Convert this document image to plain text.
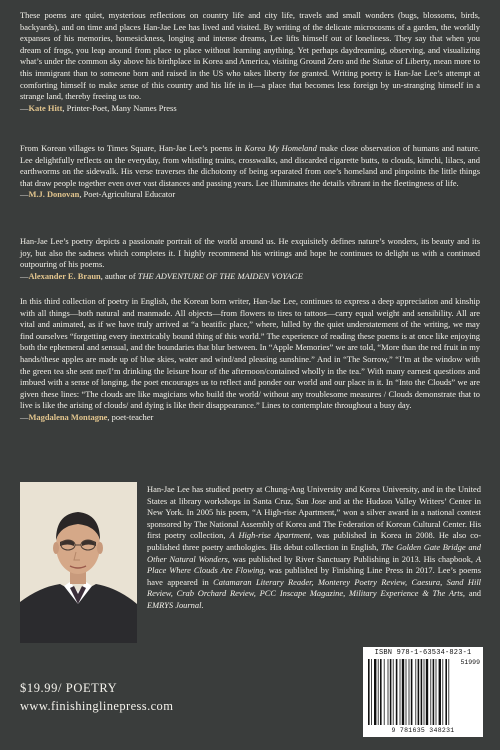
These poems are quiet, mysterious reflections on country life and city life, travels and small wonders (bugs, blossoms, birds, backyards), and on time and places Han-Jae Lee has lived and visited. By writing of the delicate microcosms of a garden, the worldly expanses of his memories, homesickness, longing and intense dreams, Lee lifts himself out of loneliness. They say that when you dream of frogs, you leap around from place to place without learning anything. Yet perhaps daydreaming, observing, and visualizing what’s under the common sky above his birthplace in Korea and America, visiting Ground Zero and the Statue of Liberty, mean more to this immigrant than to someone born and raised in the US who takes liberty for granted. Writing poetry is Han-Jae Lee’s attempt at comforting himself to make sense of this country and his life in it—a place that becomes less foreign by un-stranging himself in a strange land, thereby freeing us too.

—Kate Hitt, Printer-Poet, Many Names Press

From Korean villages to Times Square, Han-Jae Lee’s poems in Korea My Homeland make close observation of humans and nature. Lee delightfully reflects on the everyday, from whistling trains, crosswalks, and discarded cigarette butts, to clouds, kimchi, lilacs, and earthworms on the sidewalk. His verse traverses the dichotomy of being separated from one’s homeland and pinpoints the little things that draw people together even over vast distances and passing years. Lee illuminates the details vibrant in the fleetingness of life.

—M.J. Donovan, Poet-Agricultural Educator

Han-Jae Lee’s poetry depicts a passionate portrait of the world around us. He exquisitely defines nature’s wonders, its beauty and its joy, but also the sadness which completes it. I highly recommend his writings and hope he continues to delight us with a continued outpouring of his poems.

—Alexander E. Braun, author of THE ADVENTURE OF THE MAIDEN VOYAGE

In this third collection of poetry in English, the Korean born writer, Han-Jae Lee, continues to express a deep appreciation and kinship with all things—both natural and manmade. All objects—from flowers to tires to tattoos—carry equal weight and sensibility. All are vital and animated, as if we have truly arrived at “a beatific place,” where, lulled by the quiet understatement of the writing, we may find ourselves “forgetting every inextricably bound thing of this world.” The experience of reading these poems is at once like enjoying both the ephemeral and sensual, and the boundaries that blur between. In “Apple Memories” we are told, “More than the red fruit in my hands/these apples are made up of blue skies, water and wind/and pleasing sunshine.” And in “The Sorrow,” “I’m at the window with the green tea she sent me/I’m drinking the leisure hour of the afternoon/contained wholly in the tea.” With many earnest questions and imbued with a sense of longing, the poet encourages us to reflect and ponder our world and our place in it. In “Into the Clouds” we are given these lines: “The clouds are like magicians who build the world/ without any troublesome measures / Clouds demonstrate that to live is like the arising of clouds/ and dying is like their disappearance.” Lines to contemplate throughout a busy day.

—Magdalena Montagne, poet-teacher

Han-Jae Lee has studied poetry at Chung-Ang University and Korea University, and in the United States at library workshops in Santa Cruz, San Jose and at the Hudson Valley Writers’ Center in New York. In 2005 his poem, “A High-rise Apartment,” won a silver award in a national contest sponsored by The National Assembly of Korea and The Federation of Korean Cultural Center. His first poetry collection, A High-rise Apartment, was published in Korea in 2008. He also co-published three poetry anthologies. His debut collection in English, The Golden Gate Bridge and Other Natural Wonders, was published by River Sanctuary Publishing in 2013. His chapbook, A Place Where Clouds Are Flowing, was published by Finishing Line Press in 2017. Lee’s poems have appeared in Catamaran Literary Reader, Monterey Poetry Review, Caesura, Sand Hill Review, Crab Orchard Review, PCC Inscape Magazine, Military Experience & The Arts, and EMRYS Journal.

$19.99/ POETRY
www.finishinglinepress.com
ISBN 978-1-63534-823-1
51999
9 781635 348231
